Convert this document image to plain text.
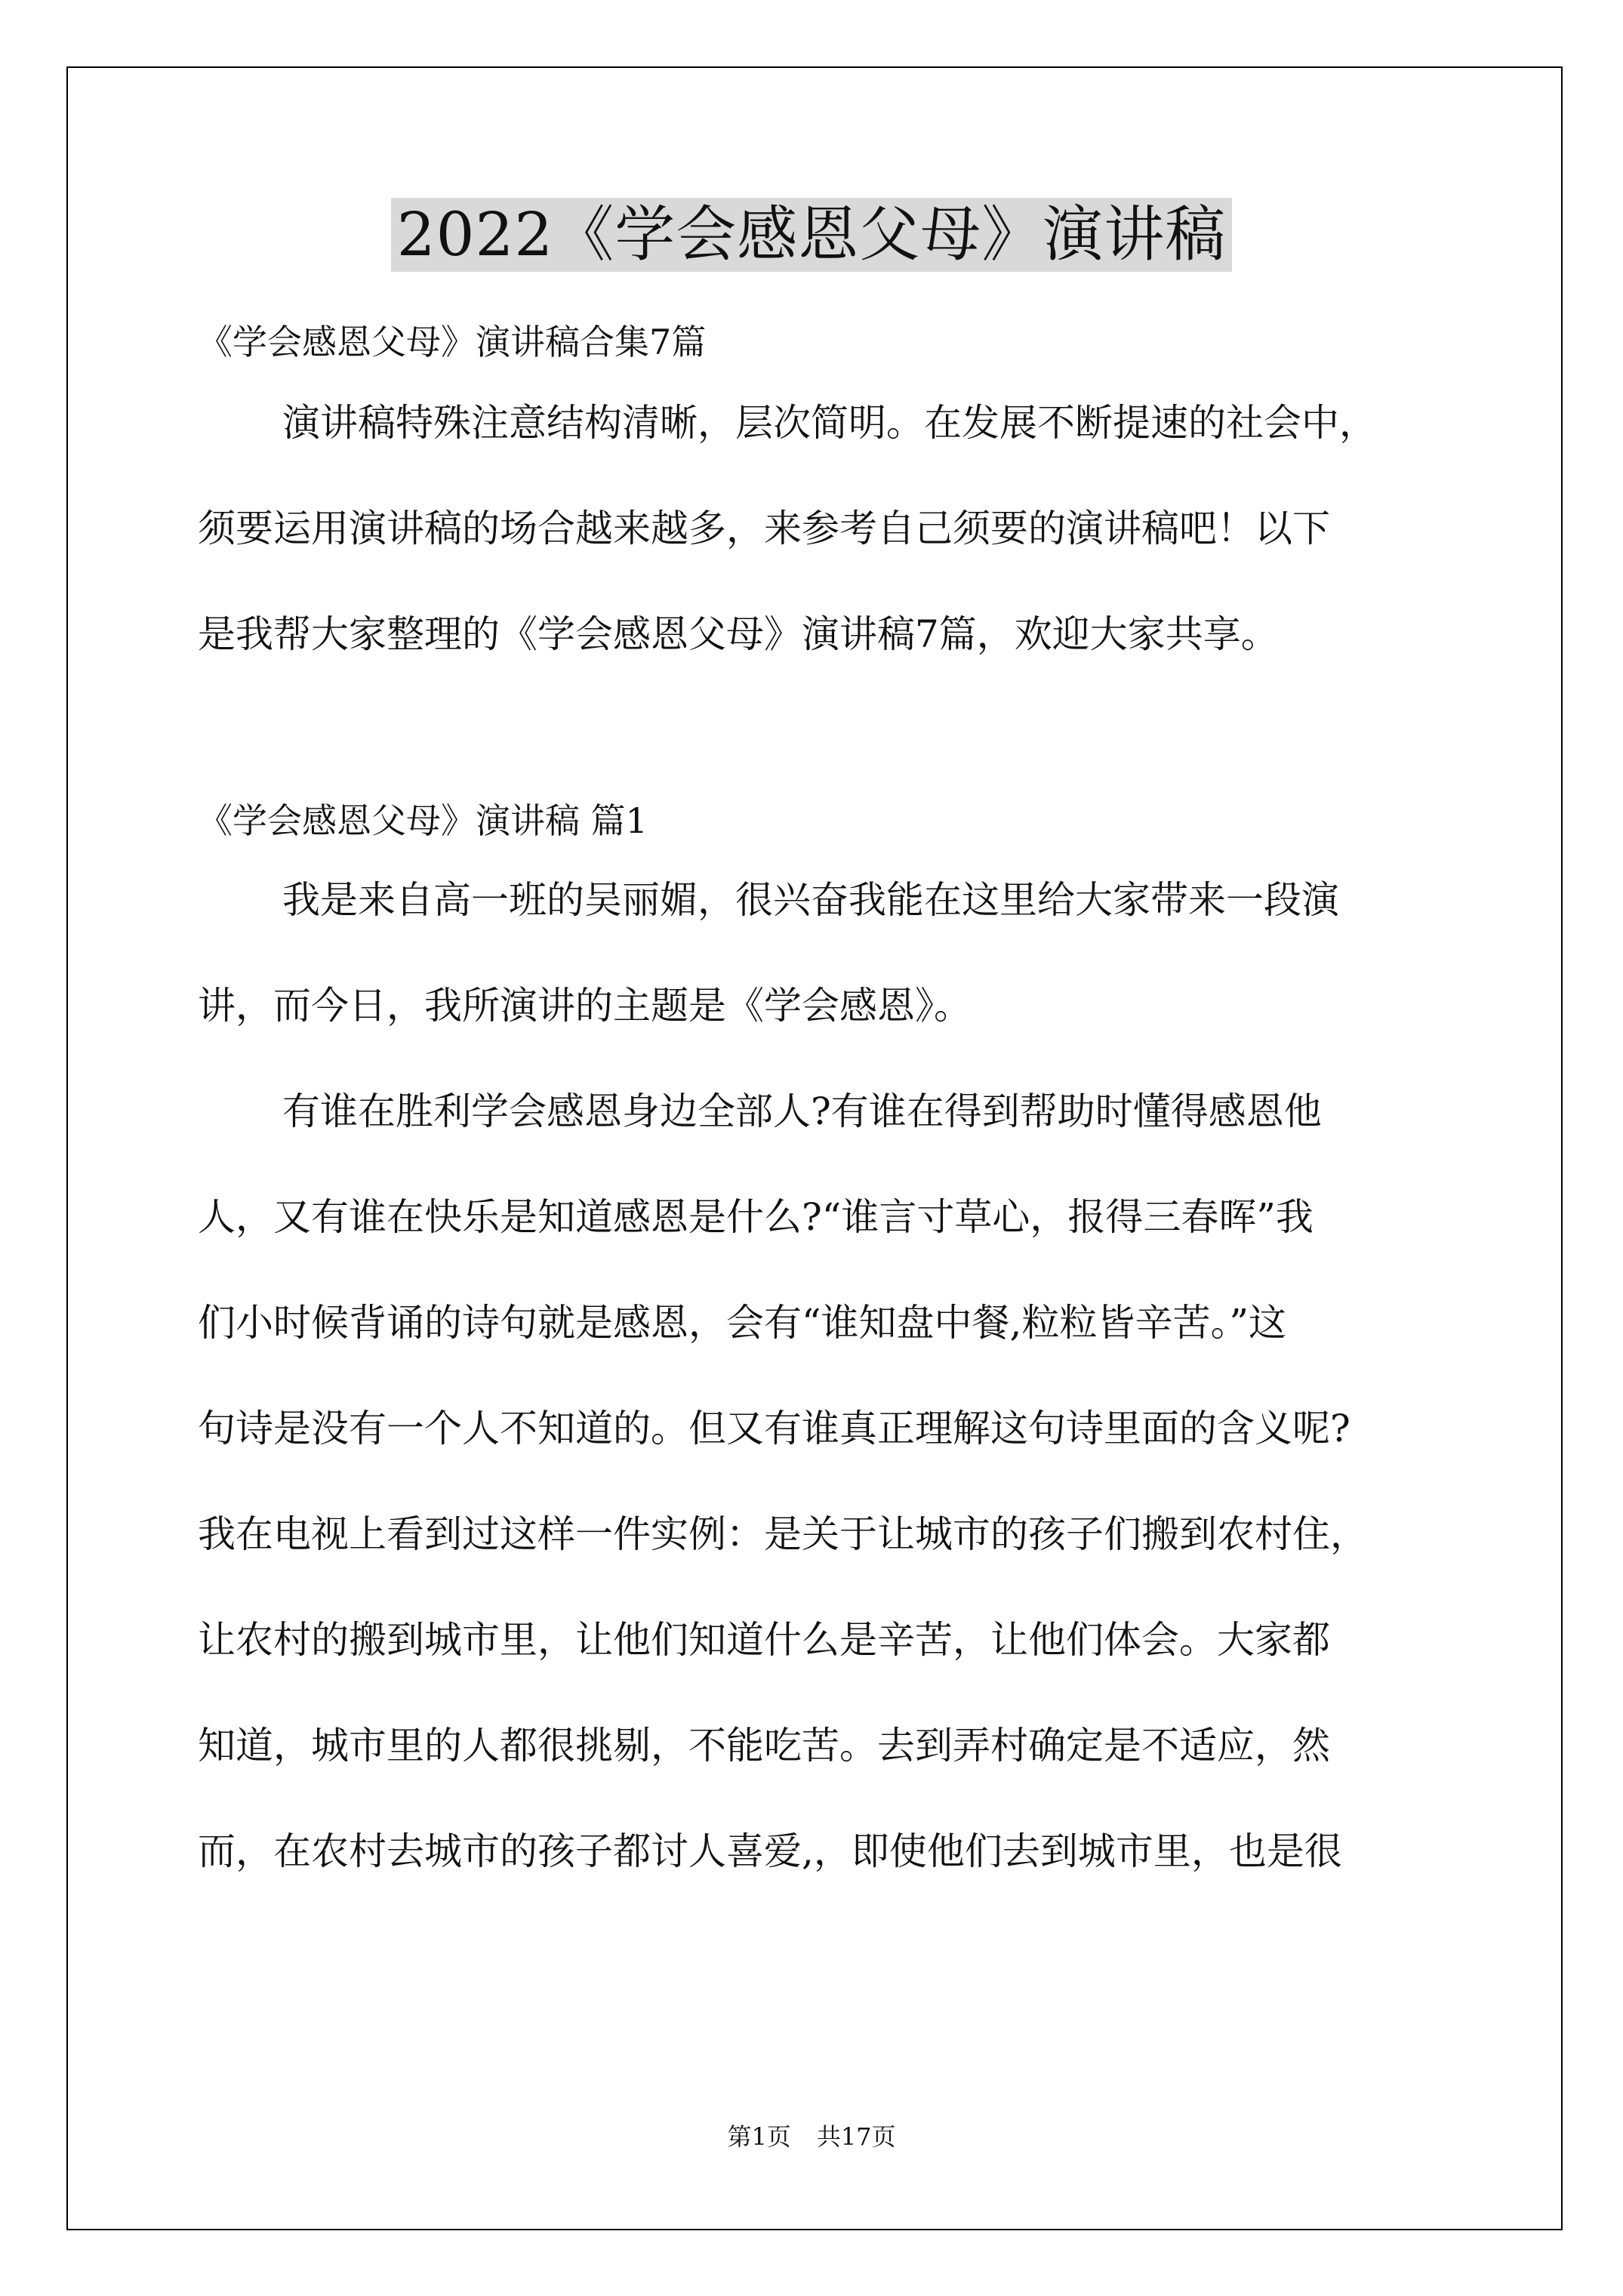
2022《学会感恩父母》演讲稿
《学会感恩父母》演讲稿合集7篇
演讲稿特殊注意结构清晰，层次简明。在发展不断提速的社会中，
须要运用演讲稿的场合越来越多，来参考自己须要的演讲稿吧！以下
是我帮大家整理的《学会感恩父母》演讲稿7篇，欢迎大家共享。
《学会感恩父母》演讲稿 篇1
我是来自高一班的吴丽媚，很兴奋我能在这里给大家带来一段演
讲，而今日，我所演讲的主题是《学会感恩》。
有谁在胜利学会感恩身边全部人?有谁在得到帮助时懂得感恩他
人，又有谁在快乐是知道感恩是什么?“谁言寸草心，报得三春晖”我
们小时候背诵的诗句就是感恩，会有“谁知盘中餐,粒粒皆辛苦。”这
句诗是没有一个人不知道的。但又有谁真正理解这句诗里面的含义呢?
我在电视上看到过这样一件实例：是关于让城市的孩子们搬到农村住，
让农村的搬到城市里，让他们知道什么是辛苦，让他们体会。大家都
知道，城市里的人都很挑剔，不能吃苦。去到弄村确定是不适应，然
而，在农村去城市的孩子都讨人喜爱,，即使他们去到城市里，也是很
第1页 共17页
